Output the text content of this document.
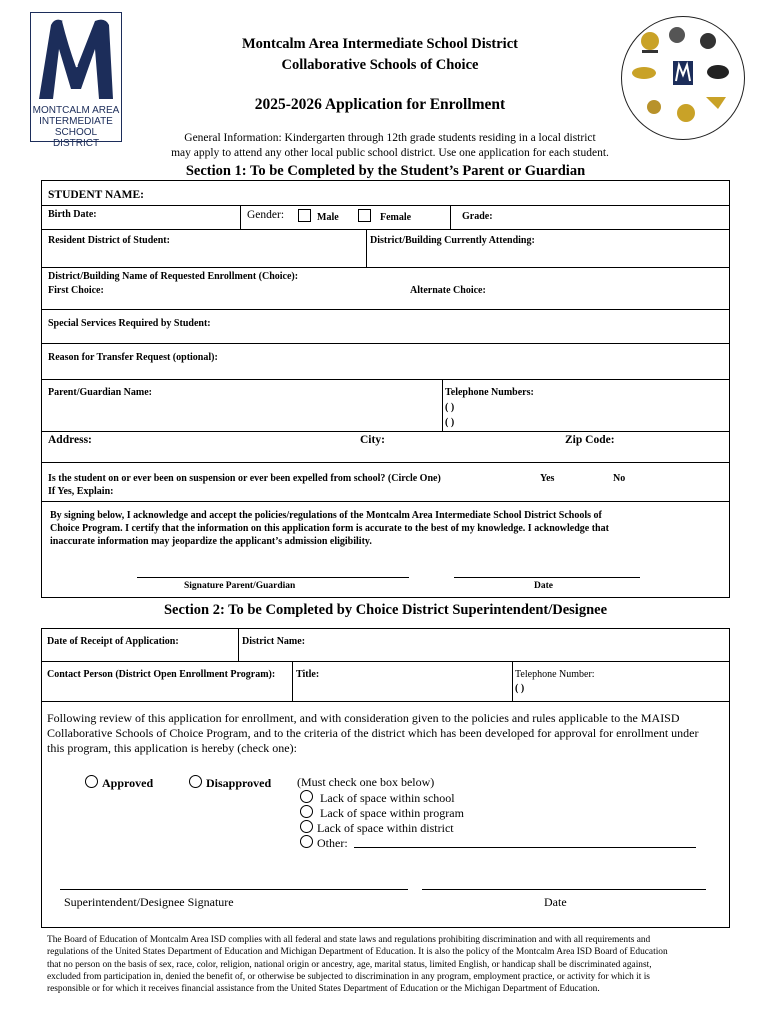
MONTCALM AREA
INTERMEDIATE
SCHOOL DISTRICT
Montcalm Area Intermediate School District
Collaborative Schools of Choice
2025-2026 Application for Enrollment
General Information: Kindergarten through 12th grade students residing in a local district
may apply to attend any other local public school district. Use one application for each student.
Section 1: To be Completed by the Student’s Parent or Guardian
STUDENT NAME:
Birth Date:	Gender:	Male	Female	Grade:
Resident District of Student:	District/Building Currently Attending:
District/Building Name of Requested Enrollment (Choice):
First Choice:	Alternate Choice:
Special Services Required by Student:
Reason for Transfer Request (optional):
Parent/Guardian Name:	Telephone Numbers:
( )
( )
Address:	City:	Zip Code:
Is the student on or ever been on suspension or ever been expelled from school? (Circle One)	Yes	No
If Yes, Explain:
By signing below, I acknowledge and accept the policies/regulations of the Montcalm Area Intermediate School District Schools of
Choice Program. I certify that the information on this application form is accurate to the best of my knowledge. I acknowledge that
inaccurate information may jeopardize the applicant’s admission eligibility.
Signature Parent/Guardian	Date
Section 2: To be Completed by Choice District Superintendent/Designee
Date of Receipt of Application:	District Name:
Contact Person (District Open Enrollment Program): Title:	Telephone Number:
( )
Following review of this application for enrollment, and with consideration given to the policies and rules applicable to the MAISD
Collaborative Schools of Choice Program, and to the criteria of the district which has been developed for approval for enrollment under
this program, this application is hereby (check one):
Approved	Disapproved (Must check one box below)
Lack of space within school
Lack of space within program
Lack of space within district
Other:
Superintendent/Designee Signature	Date
The Board of Education of Montcalm Area ISD complies with all federal and state laws and regulations prohibiting discrimination and with all requirements and
regulations of the United States Department of Education and Michigan Department of Education. It is also the policy of the Montcalm Area ISD Board of Education
that no person on the basis of sex, race, color, religion, national origin or ancestry, age, marital status, limited English, or handicap shall be discriminated against,
excluded from participation in, denied the benefit of, or otherwise be subjected to discrimination in any program, employment practice, or activity for which it is
responsible or for which it receives financial assistance from the United States Department of Education or the Michigan Department of Education.
